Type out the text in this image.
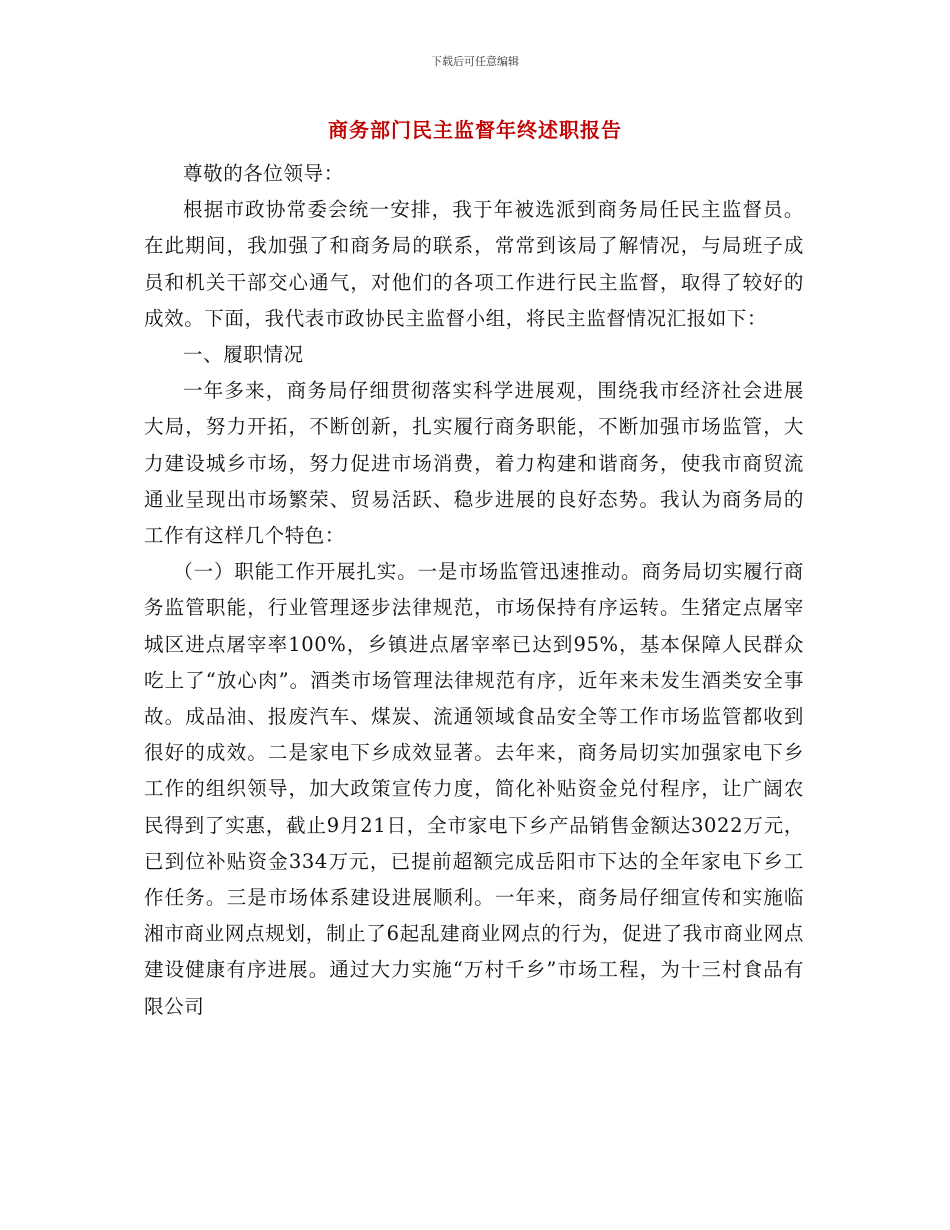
下载后可任意编辑
商务部门民主监督年终述职报告

尊敬的各位领导：

根据市政协常委会统一安排，我于年被选派到商务局任民主监督员。在此期间，我加强了和商务局的联系，常常到该局了解情况，与局班子成员和机关干部交心通气，对他们的各项工作进行民主监督，取得了较好的成效。下面，我代表市政协民主监督小组，将民主监督情况汇报如下：

一、履职情况

一年多来，商务局仔细贯彻落实科学进展观，围绕我市经济社会进展大局，努力开拓，不断创新，扎实履行商务职能，不断加强市场监管，大力建设城乡市场，努力促进市场消费，着力构建和谐商务，使我市商贸流通业呈现出市场繁荣、贸易活跃、稳步进展的良好态势。我认为商务局的工作有这样几个特色：

（一）职能工作开展扎实。一是市场监管迅速推动。商务局切实履行商务监管职能，行业管理逐步法律规范，市场保持有序运转。生猪定点屠宰城区进点屠宰率100%，乡镇进点屠宰率已达到95%，基本保障人民群众吃上了“放心肉”。酒类市场管理法律规范有序，近年来未发生酒类安全事故。成品油、报废汽车、煤炭、流通领域食品安全等工作市场监管都收到很好的成效。二是家电下乡成效显著。去年来，商务局切实加强家电下乡工作的组织领导，加大政策宣传力度，简化补贴资金兑付程序，让广阔农民得到了实惠，截止9月21日，全市家电下乡产品销售金额达3022万元，已到位补贴资金334万元，已提前超额完成岳阳市下达的全年家电下乡工作任务。三是市场体系建设进展顺利。一年来，商务局仔细宣传和实施临湘市商业网点规划，制止了6起乱建商业网点的行为，促进了我市商业网点建设健康有序进展。通过大力实施“万村千乡”市场工程，为十三村食品有限公司
